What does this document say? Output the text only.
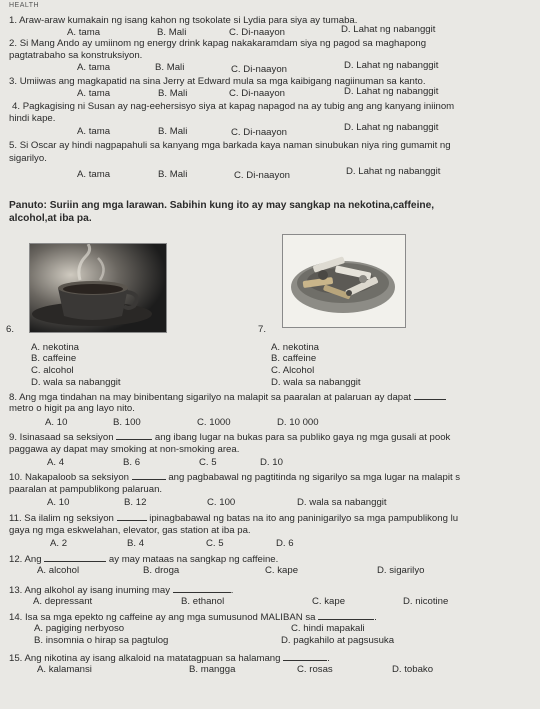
HEALTH
1. Araw-araw kumakain ng isang kahon ng tsokolate si Lydia para siya ay tumaba.
A. tama	B. Mali	C. Di-naayon	D. Lahat ng nabanggit
2. Si Mang Ando ay umiinom ng energy drink kapag nakakaramdam siya ng pagod sa maghapong
pagtatrabaho sa konstruksiyon.
A. tama	B. Mali	C. Di-naayon	D. Lahat ng nabanggit
3. Umiiwas ang magkapatid na sina Jerry at Edward mula sa mga kaibigang nagiinuman sa kanto.
A. tama	B. Mali	C. Di-naayon	D. Lahat ng nabanggit
4. Pagkagising ni Susan ay nag-eehersisyo siya at kapag napagod na ay tubig ang ang kanyang iniinom
hindi kape.
A. tama	B. Mali	C. Di-naayon	D. Lahat ng nabanggit
5. Si Oscar ay hindi nagpapahuli sa kanyang mga barkada kaya naman sinubukan niya ring gumamit ng
sigarilyo.
A. tama	B. Mali	C. Di-naayon	D. Lahat ng nabanggit
Panuto: Suriin ang mga larawan. Sabihin kung ito ay may sangkap na nekotina,caffeine,
alcohol,at iba pa.
6.	7.
A. nekotina
B. caffeine
C. alcohol
D. wala sa nabanggit
A. nekotina
B. caffeine
C. Alcohol
D. wala sa nabanggit
8. Ang mga tindahan na may binibentang sigarilyo na malapit sa paaralan at palaruan ay dapat
metro o higit pa ang layo nito.
A. 10	B. 100	C. 1000	D. 10 000
9. Isinasaad sa seksiyon	ang ibang lugar na bukas para sa publiko gaya ng mga gusali at pook
paggawa ay dapat may smoking at non-smoking area.
A. 4	B. 6	C. 5	D. 10
10. Nakapaloob sa seksiyon	ang pagbabawal ng pagtitinda ng sigarilyo sa mga lugar na malapit s
paaralan at pampublikong palaruan.
A. 10	B. 12	C. 100	D. wala sa nabanggit
11. Sa ilalim ng seksiyon	ipinagbabawal ng batas na ito ang paninigarilyo sa mga pampublikong lu
gaya ng mga eskwelahan, elevator, gas station at iba pa.
A. 2	B. 4	C. 5	D. 6
12. Ang	ay may mataas na sangkap ng caffeine.
A. alcohol	B. droga	C. kape	D. sigarilyo
13. Ang alkohol ay isang inuming may	.
A. depressant	B. ethanol	C. kape	D. nicotine
14. Isa sa mga epekto ng caffeine ay ang mga sumusunod MALIBAN sa	.
A. pagiging nerbyoso	C. hindi mapakali
B. insomnia o hirap sa pagtulog	D. pagkahilo at pagsusuka
15. Ang nikotina ay isang alkaloid na matatagpuan sa halamang	.
A. kalamansi	B. mangga	C. rosas	D. tobako
